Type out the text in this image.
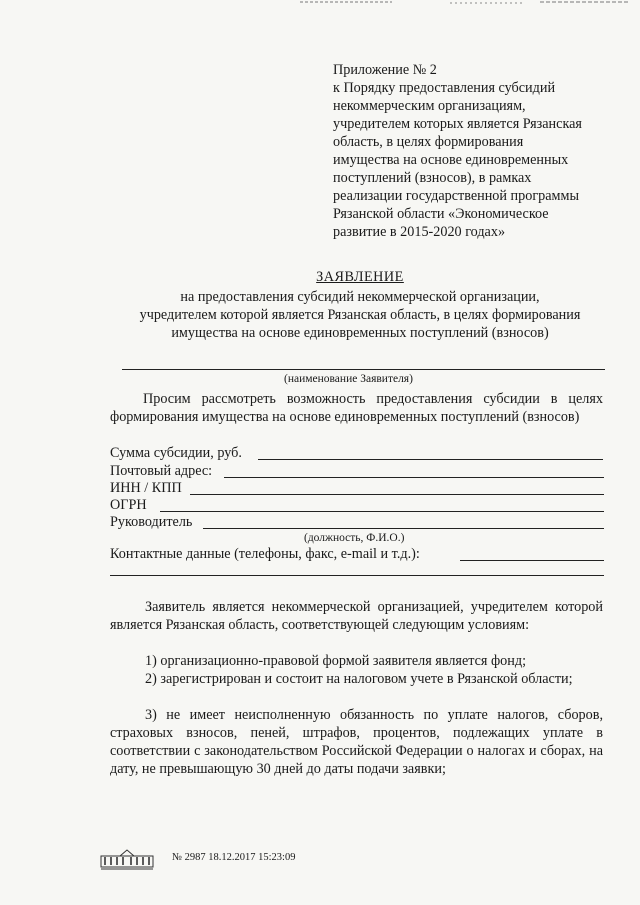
Приложение № 2
к Порядку предоставления субсидий
некоммерческим организациям,
учредителем которых является Рязанская
область, в целях формирования
имущества на основе единовременных
поступлений (взносов), в рамках
реализации государственной программы
Рязанской области «Экономическое
развитие в 2015-2020 годах»
ЗАЯВЛЕНИЕ
на предоставления субсидий некоммерческой организации,
учредителем которой является Рязанская область, в целях формирования
имущества на основе единовременных поступлений (взносов)
(наименование Заявителя)
Просим рассмотреть возможность предоставления субсидии в целях формирования имущества на основе единовременных поступлений (взносов)
Сумма субсидии, руб.
Почтовый адрес:
ИНН / КПП
ОГРН
Руководитель
(должность, Ф.И.О.)
Контактные данные (телефоны, факс, e-mail и т.д.):
Заявитель является некоммерческой организацией, учредителем которой является Рязанская область, соответствующей следующим условиям:
1) организационно-правовой формой заявителя является фонд;
2) зарегистрирован и состоит на налоговом учете в Рязанской области;
3) не имеет неисполненную обязанность по уплате налогов, сборов, страховых взносов, пеней, штрафов, процентов, подлежащих уплате в соответствии с законодательством Российской Федерации о налогах и сборах, на дату, не превышающую 30 дней до даты подачи заявки;
№ 2987 18.12.2017 15:23:09
